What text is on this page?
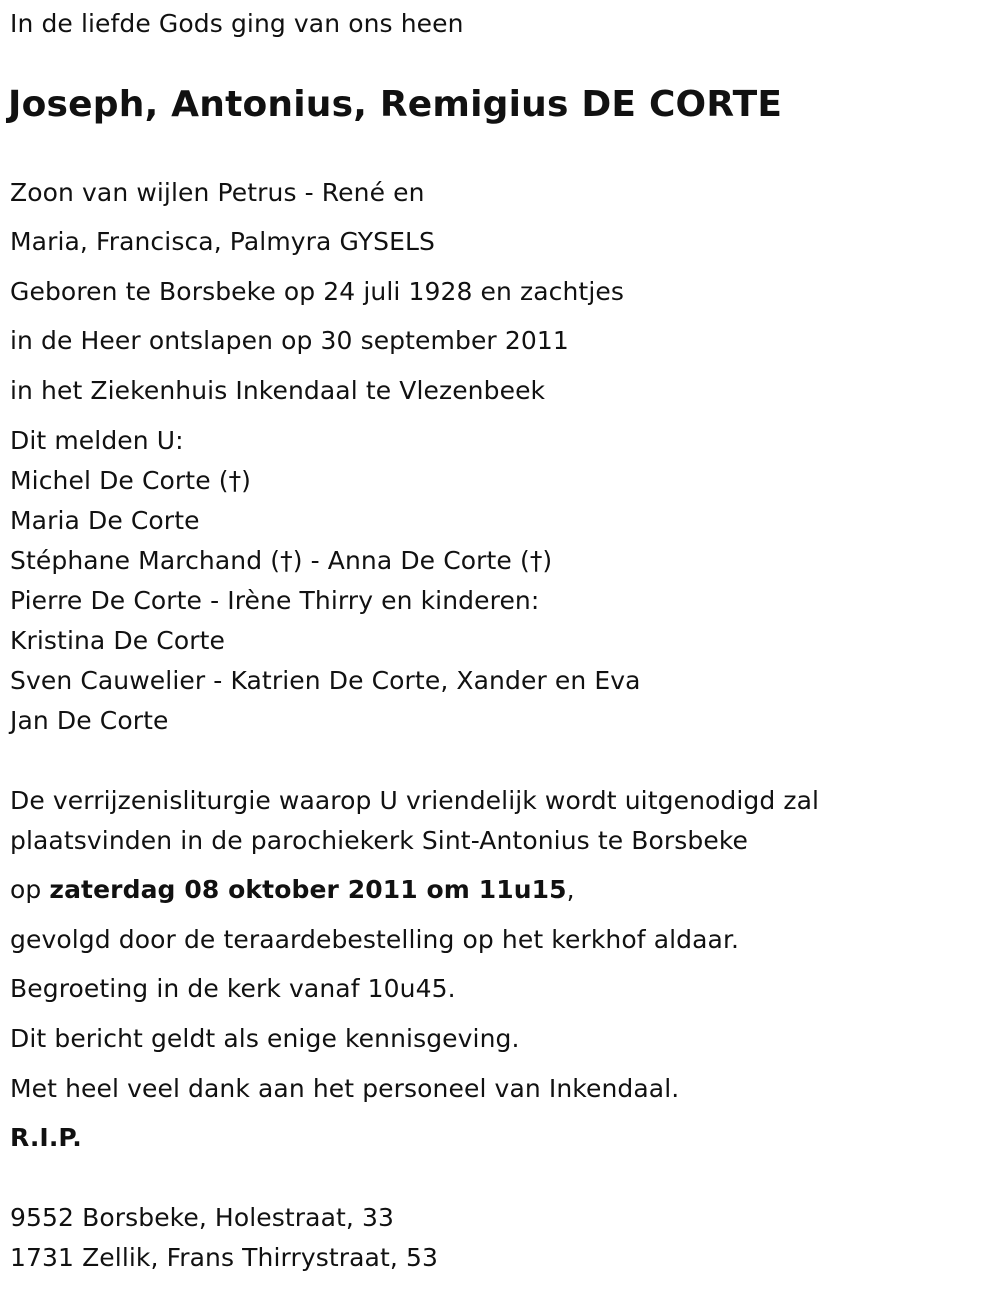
In de liefde Gods ging van ons heen
Joseph, Antonius, Remigius DE CORTE
Zoon van wijlen Petrus - René en
Maria, Francisca, Palmyra GYSELS
Geboren te Borsbeke op 24 juli 1928 en zachtjes
in de Heer ontslapen op 30 september 2011
in het Ziekenhuis Inkendaal te Vlezenbeek
Dit melden U:
Michel De Corte (†)
Maria De Corte
Stéphane Marchand (†) - Anna De Corte (†)
Pierre De Corte - Irène Thirry en kinderen:
Kristina De Corte
Sven Cauwelier - Katrien De Corte, Xander en Eva
Jan De Corte
De verrijzenisliturgie waarop U vriendelijk wordt uitgenodigd zal
plaatsvinden in de parochiekerk Sint-Antonius te Borsbeke
op zaterdag 08 oktober 2011 om 11u15,
gevolgd door de teraardebestelling op het kerkhof aldaar.
Begroeting in de kerk vanaf 10u45.
Dit bericht geldt als enige kennisgeving.
Met heel veel dank aan het personeel van Inkendaal.
R.I.P.
9552 Borsbeke, Holestraat, 33
1731 Zellik, Frans Thirrystraat, 53
